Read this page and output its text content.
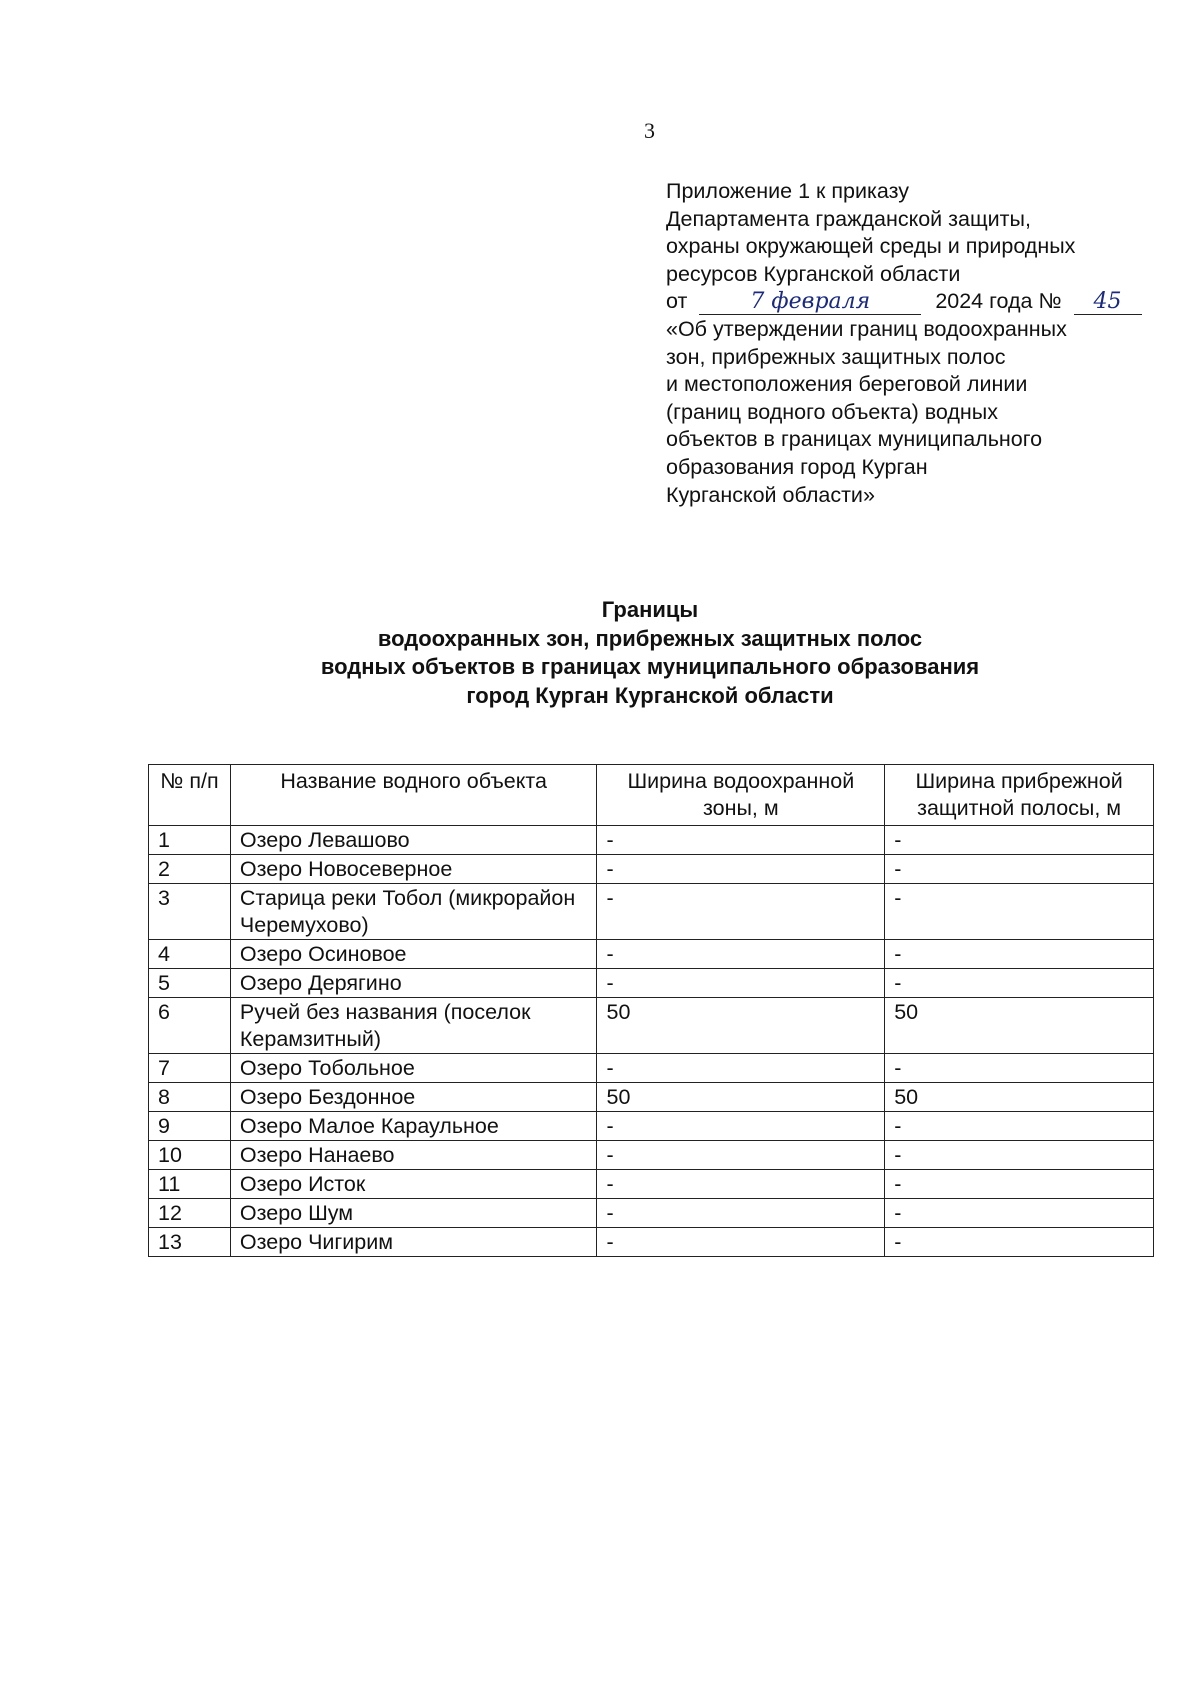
3
Приложение 1 к приказу
Департамента гражданской защиты,
охраны окружающей среды и природных
ресурсов Курганской области
от	7 февраля	2024 года № 45
«Об утверждении границ водоохранных
зон, прибрежных защитных полос
и местоположения береговой линии
(границ водного объекта) водных
объектов в границах муниципального
образования город Курган
Курганской области»
Границы
водоохранных зон, прибрежных защитных полос
водных объектов в границах муниципального образования
город Курган Курганской области
№ п/п	Название водного объекта	Ширина водоохранной зоны, м	Ширина прибрежной защитной полосы, м
1	Озеро Левашово	-	-
2	Озеро Новосеверное	-	-
3	Старица реки Тобол (микрорайон Черемухово)	-	-
4	Озеро Осиновое	-	-
5	Озеро Дерягино	-	-
6	Ручей без названия (поселок Керамзитный)	50	50
7	Озеро Тобольное	-	-
8	Озеро Бездонное	50	50
9	Озеро Малое Караульное	-	-
10	Озеро Нанаево	-	-
11	Озеро Исток	-	-
12	Озеро Шум	-	-
13	Озеро Чигирим	-	-
